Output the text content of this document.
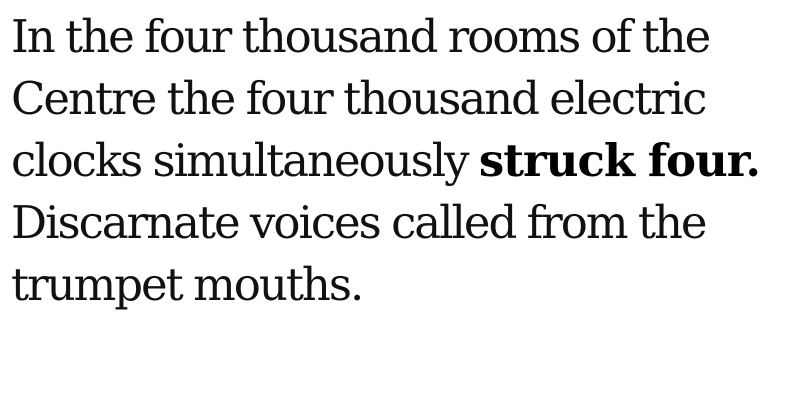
In the four thousand rooms of the Centre the four thousand electric clocks simultaneously struck four. Discarnate voices called from the trumpet mouths.
